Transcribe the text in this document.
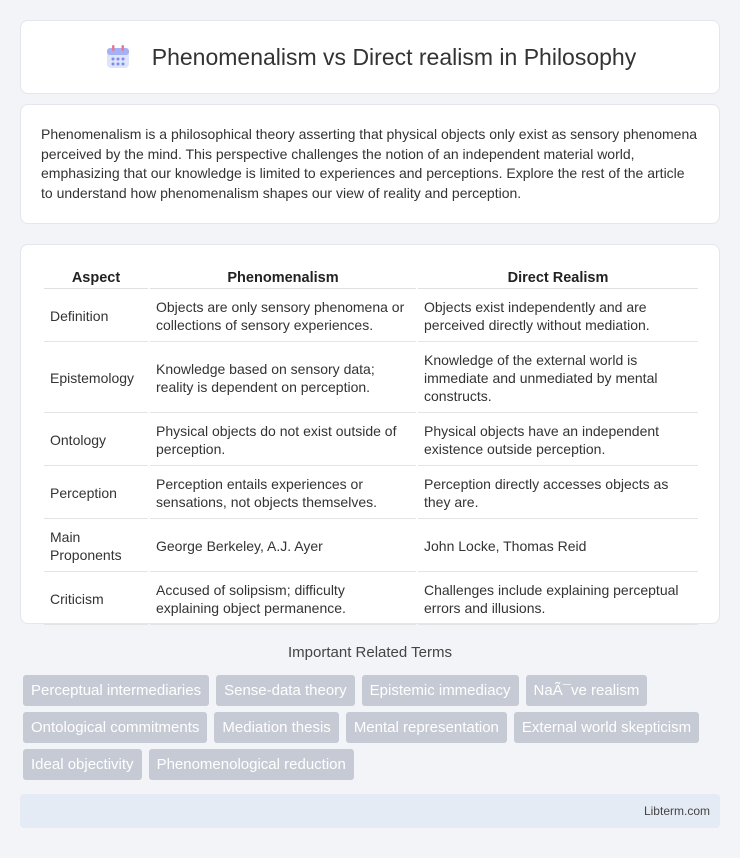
Phenomenalism vs Direct realism in Philosophy

Phenomenalism is a philosophical theory asserting that physical objects only exist as sensory phenomena perceived by the mind. This perspective challenges the notion of an independent material world, emphasizing that our knowledge is limited to experiences and perceptions. Explore the rest of the article to understand how phenomenalism shapes our view of reality and perception.

Aspect	Phenomenalism	Direct Realism
Definition	Objects are only sensory phenomena or collections of sensory experiences.	Objects exist independently and are perceived directly without mediation.
Epistemology	Knowledge based on sensory data; reality is dependent on perception.	Knowledge of the external world is immediate and unmediated by mental constructs.
Ontology	Physical objects do not exist outside of perception.	Physical objects have an independent existence outside perception.
Perception	Perception entails experiences or sensations, not objects themselves.	Perception directly accesses objects as they are.
Main Proponents	George Berkeley, A.J. Ayer	John Locke, Thomas Reid
Criticism	Accused of solipsism; difficulty explaining object permanence.	Challenges include explaining perceptual errors and illusions.
Important Related Terms
Perceptual intermediaries	Sense-data theory	Epistemic immediacy	NaÃ¯ve realism
Ontological commitments	Mediation thesis	Mental representation	External world skepticism
Ideal objectivity	Phenomenological reduction
Libterm.com
